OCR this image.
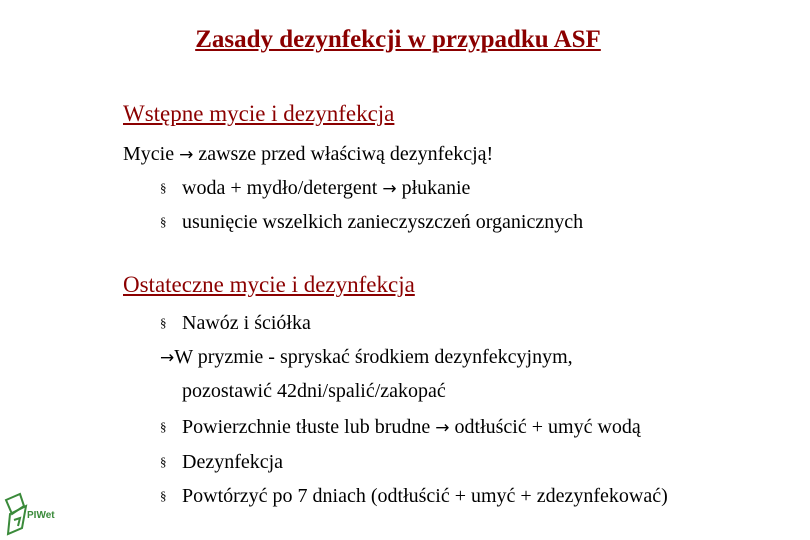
Zasady dezynfekcji w przypadku ASF
Wstępne mycie i dezynfekcja
Mycie → zawsze przed właściwą dezynfekcją!
§ woda + mydło/detergent → płukanie
§ usunięcie wszelkich zanieczyszczeń organicznych
Ostateczne mycie i dezynfekcja
§ Nawóz i ściółka
→W pryzmie - spryskać środkiem dezynfekcyjnym,
pozostawić 42dni/spalić/zakopać
§ Powierzchnie tłuste lub brudne → odtłuścić + umyć wodą
§ Dezynfekcja
§ Powtórzyć po 7 dniach (odtłuścić + umyć + zdezynfekować)
PIWet
